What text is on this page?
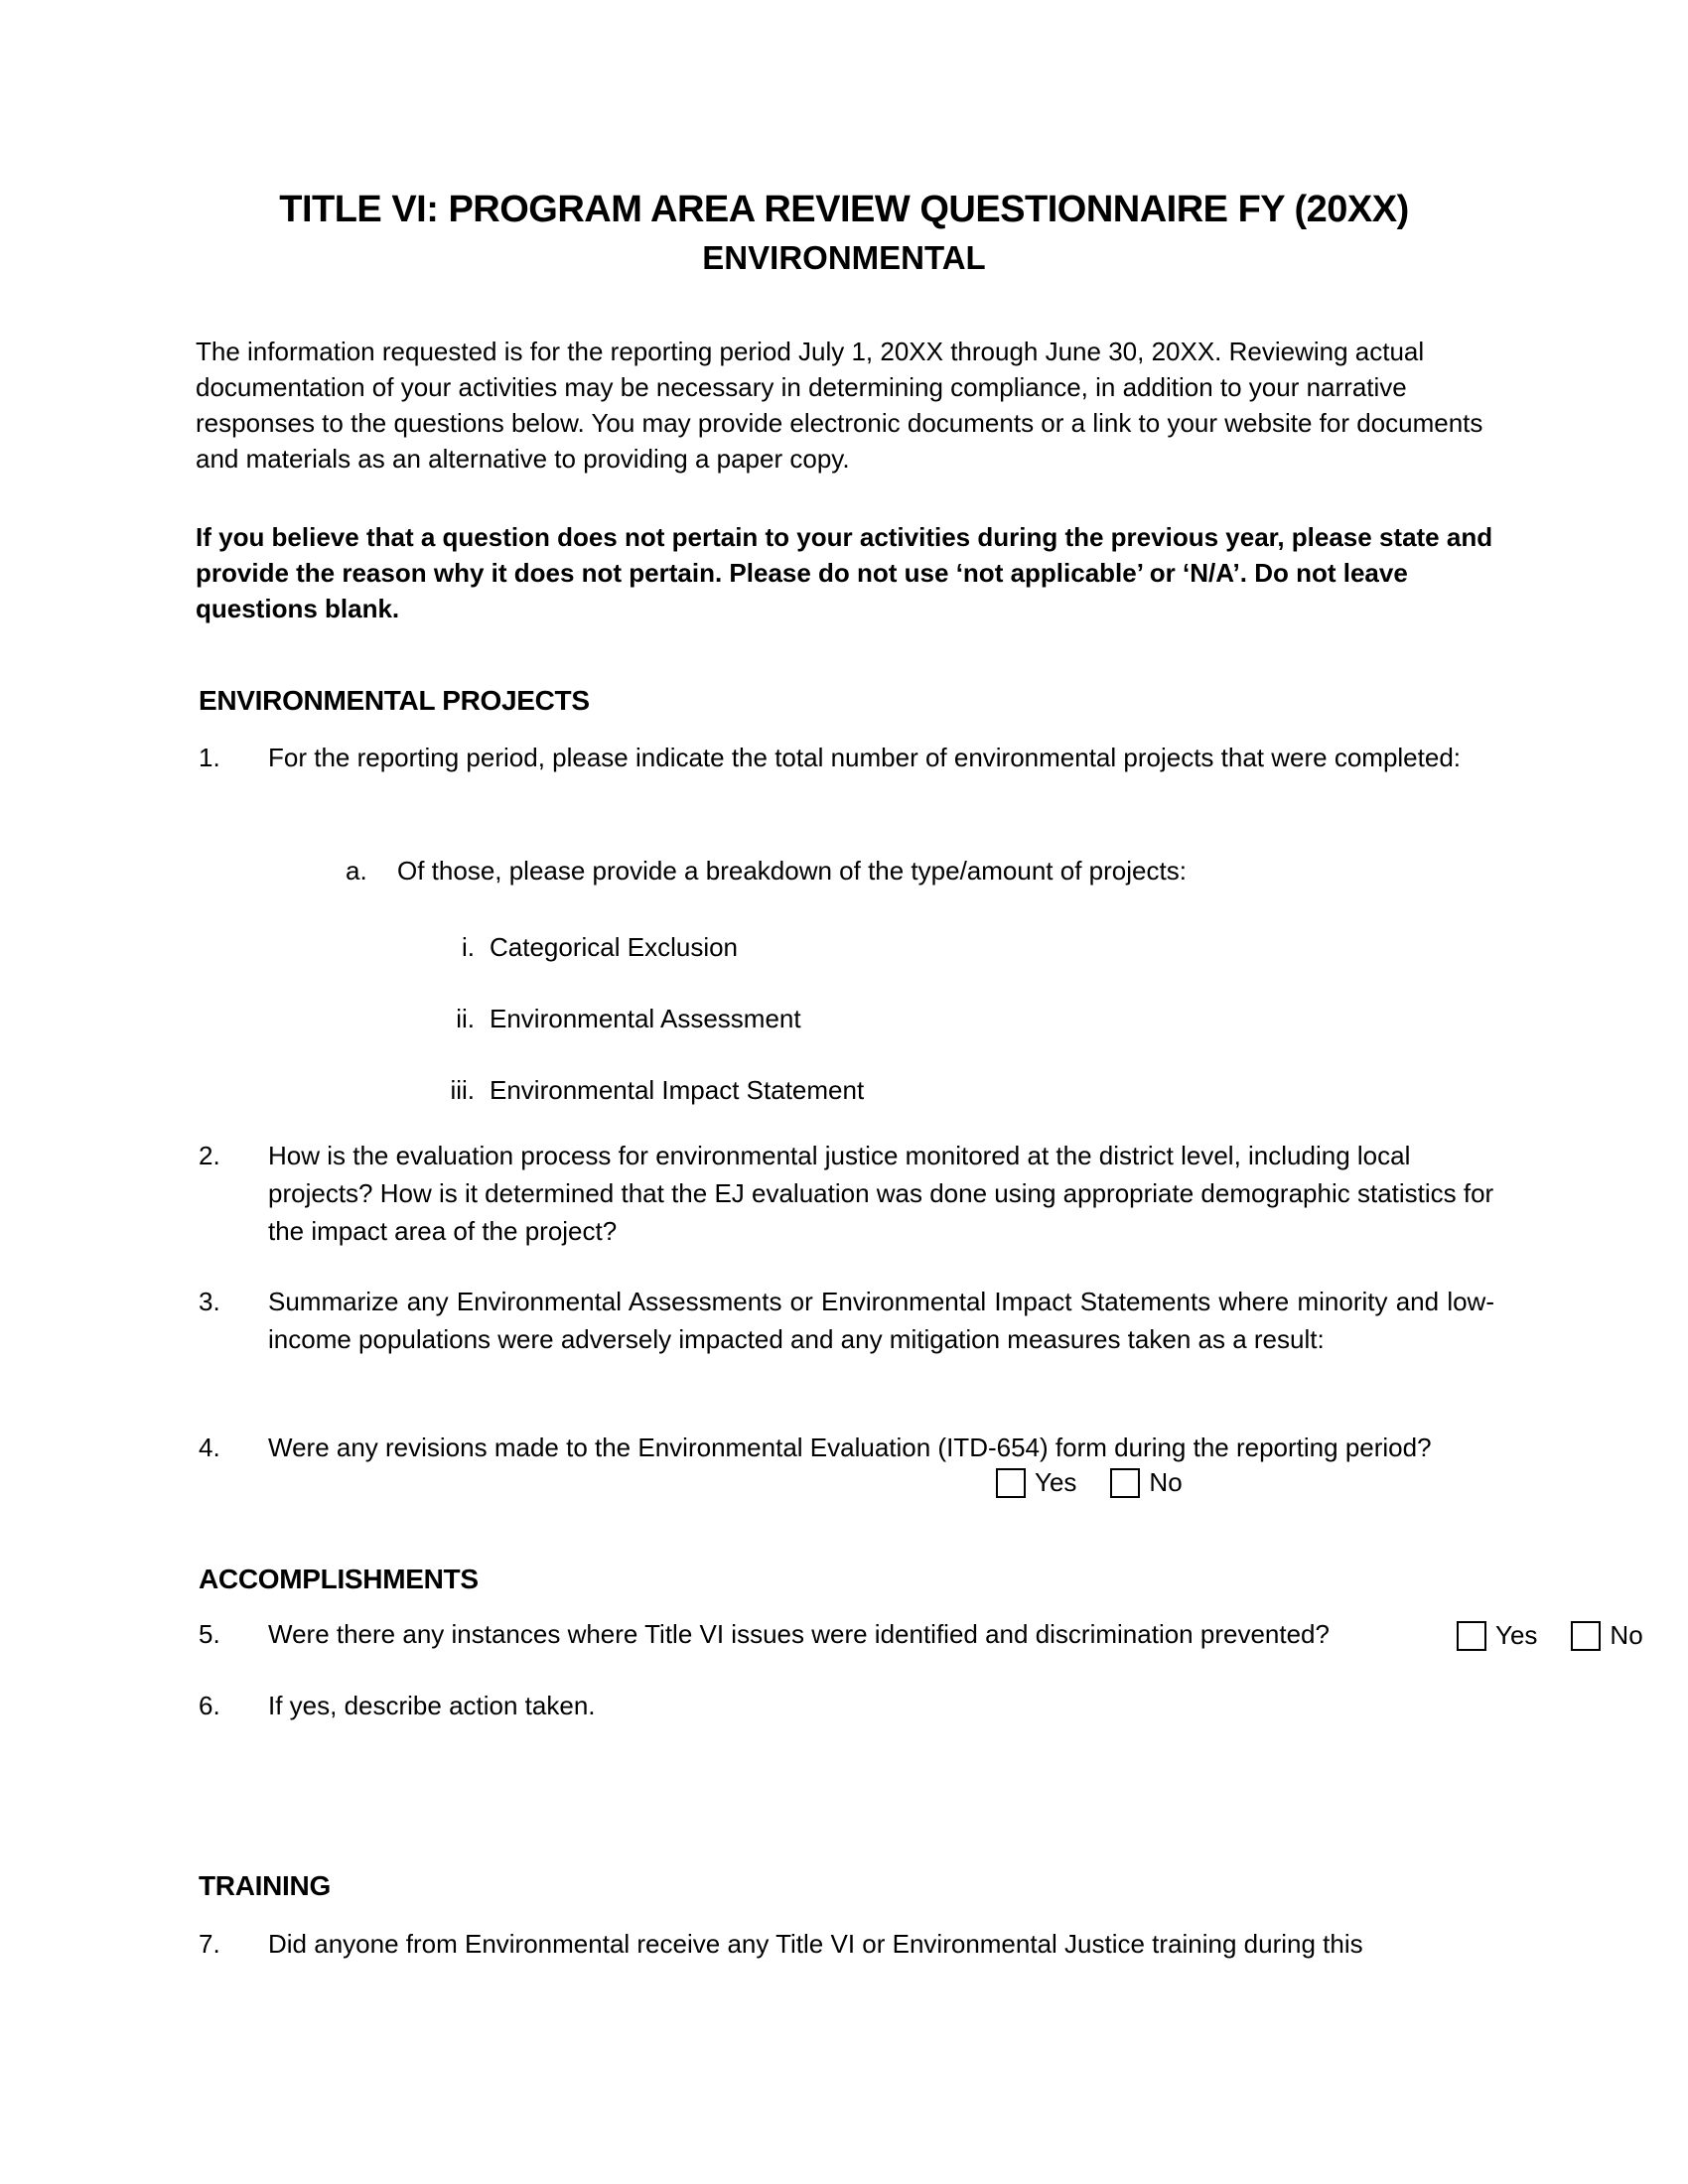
TITLE VI: PROGRAM AREA REVIEW QUESTIONNAIRE FY (20XX)
ENVIRONMENTAL
The information requested is for the reporting period July 1, 20XX through June 30, 20XX. Reviewing actual documentation of your activities may be necessary in determining compliance, in addition to your narrative responses to the questions below. You may provide electronic documents or a link to your website for documents and materials as an alternative to providing a paper copy.
If you believe that a question does not pertain to your activities during the previous year, please state and provide the reason why it does not pertain. Please do not use ‘not applicable’ or ‘N/A’. Do not leave questions blank.
ENVIRONMENTAL PROJECTS
1.	For the reporting period, please indicate the total number of environmental projects that were completed:
a.	Of those, please provide a breakdown of the type/amount of projects:
i. Categorical Exclusion
ii. Environmental Assessment
iii. Environmental Impact Statement
2.	How is the evaluation process for environmental justice monitored at the district level, including local projects? How is it determined that the EJ evaluation was done using appropriate demographic statistics for the impact area of the project?
3.	Summarize any Environmental Assessments or Environmental Impact Statements where minority and low-income populations were adversely impacted and any mitigation measures taken as a result:
4.	Were any revisions made to the Environmental Evaluation (ITD-654) form during the reporting period?
Yes	No
ACCOMPLISHMENTS
5.	Were there any instances where Title VI issues were identified and discrimination prevented?	Yes	No
6.	If yes, describe action taken.
TRAINING
7.	Did anyone from Environmental receive any Title VI or Environmental Justice training during this
